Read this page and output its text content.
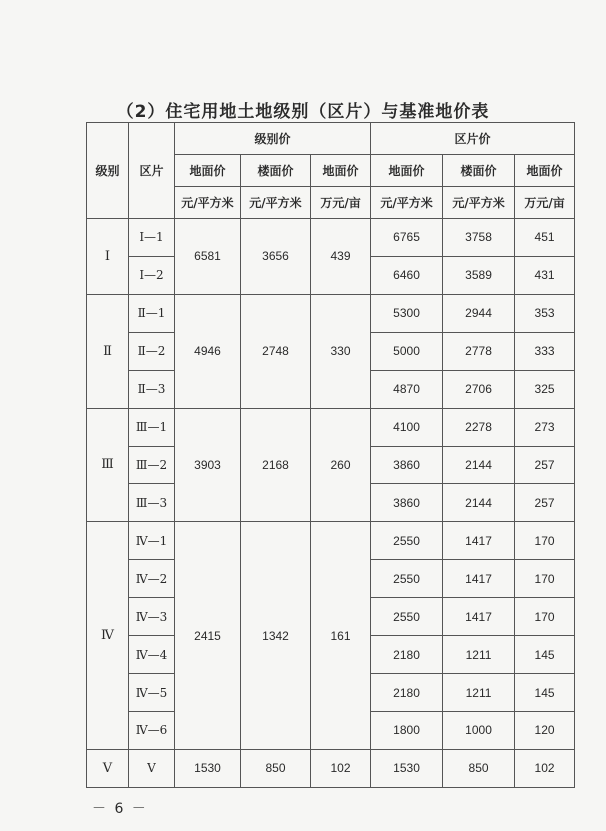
（2）住宅用地土地级别（区片）与基准地价表
级别	区片	级别价			区片价		
		地面价	楼面价	地面价	地面价	楼面价	地面价
		元/平方米	元/平方米	万元/亩	元/平方米	元/平方米	万元/亩
Ⅰ	Ⅰ—1	6581	3656	439	6765	3758	451
	Ⅰ—2				6460	3589	431
Ⅱ	Ⅱ—1	4946	2748	330	5300	2944	353
	Ⅱ—2				5000	2778	333
	Ⅱ—3				4870	2706	325
Ⅲ	Ⅲ—1	3903	2168	260	4100	2278	273
	Ⅲ—2				3860	2144	257
	Ⅲ—3				3860	2144	257
Ⅳ	Ⅳ—1	2415	1342	161	2550	1417	170
	Ⅳ—2				2550	1417	170
	Ⅳ—3				2550	1417	170
	Ⅳ—4				2180	1211	145
	Ⅳ—5				2180	1211	145
	Ⅳ—6				1800	1000	120
Ⅴ	Ⅴ	1530	850	102	1530	850	102
－ 6 －
